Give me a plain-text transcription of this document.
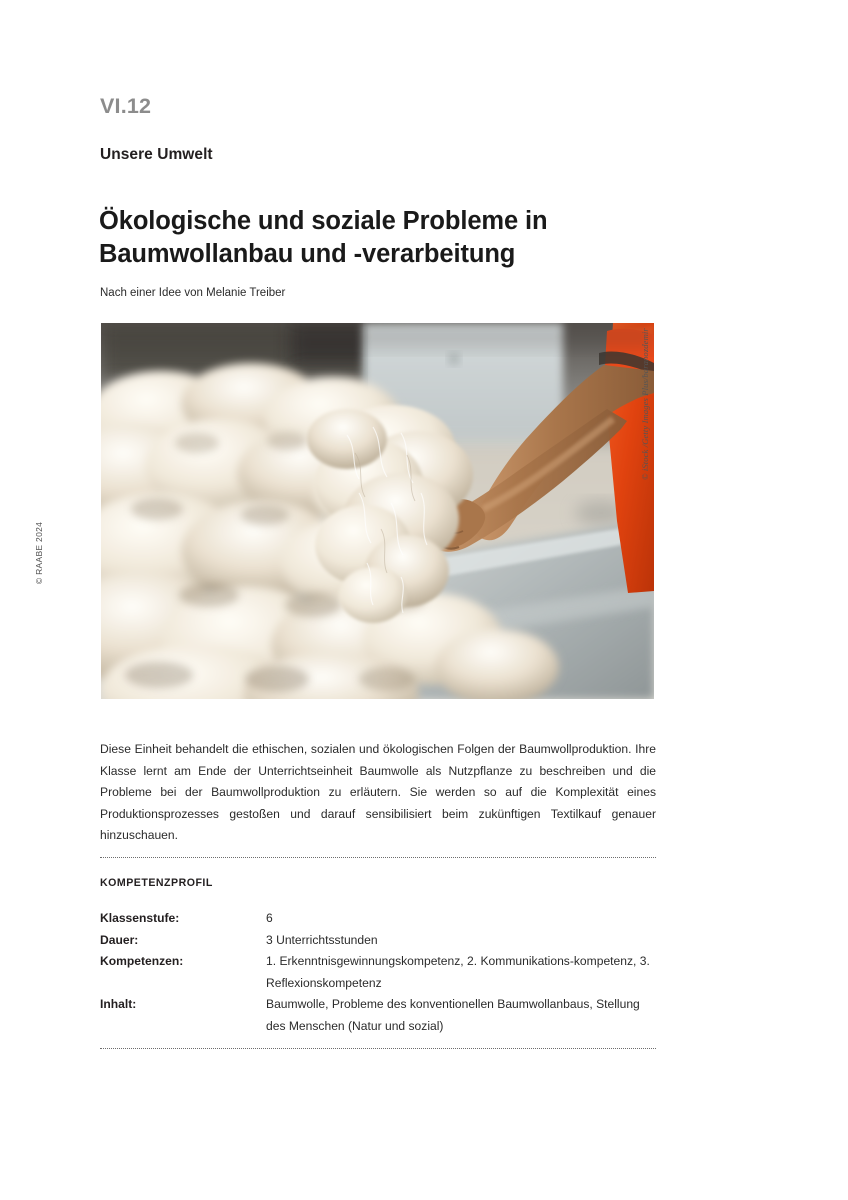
© RAABE 2024
VI.12
Unsere Umwelt
Ökologische und soziale Probleme in Baumwollanbau und -verarbeitung
Nach einer Idee von Melanie Treiber
© iStock /Getty Images Plus/baranozdemir

Diese Einheit behandelt die ethischen, sozialen und ökologischen Folgen der Baumwollproduktion. Ihre Klasse lernt am Ende der Unterrichtseinheit Baumwolle als Nutzpflanze zu beschreiben und die Probleme bei der Baumwollproduktion zu erläutern. Sie werden so auf die Komplexität eines Produktionsprozesses gestoßen und darauf sensibilisiert beim zukünftigen Textilkauf genauer hinzuschauen.

KOMPETENZPROFIL
Klassenstufe:	6
Dauer:	3 Unterrichtsstunden
Kompetenzen:	1. Erkenntnisgewinnungskompetenz, 2. Kommunikations-kompetenz, 3. Reflexionskompetenz
Inhalt:	Baumwolle, Probleme des konventionellen Baumwollanbaus, Stellung des Menschen (Natur und sozial)
